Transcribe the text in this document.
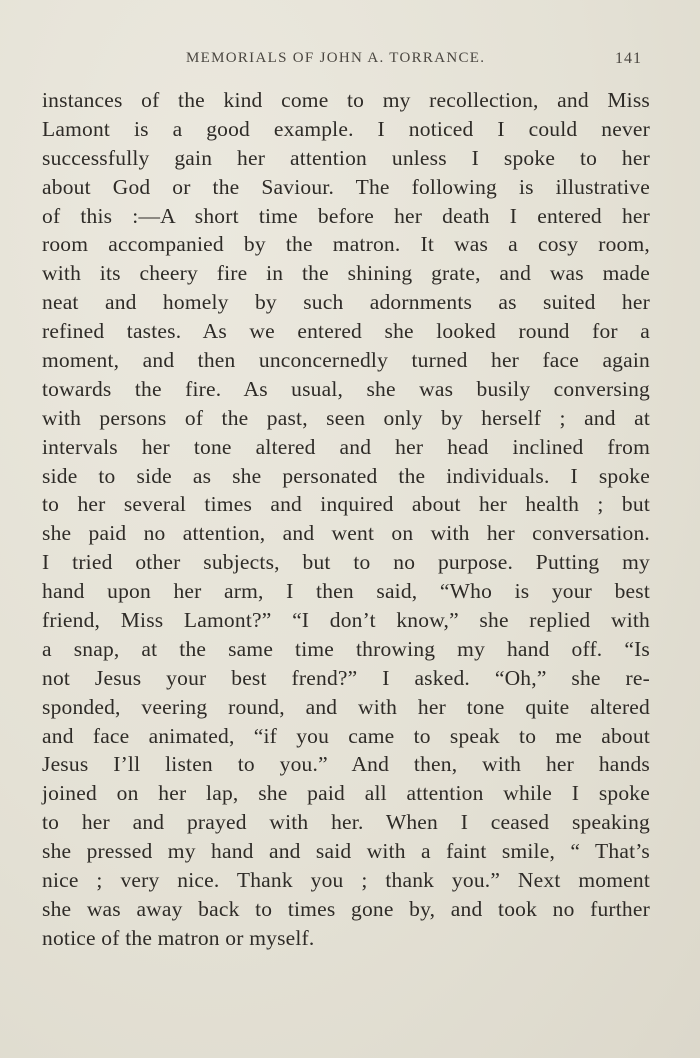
MEMORIALS OF JOHN A. TORRANCE.	141
instances of the kind come to my recollection, and Miss
Lamont is a good example. I noticed I could never
successfully gain her attention unless I spoke to her
about God or the Saviour. The following is illustrative
of this :—A short time before her death I entered her
room accompanied by the matron. It was a cosy room,
with its cheery fire in the shining grate, and was made
neat and homely by such adornments as suited her
refined tastes. As we entered she looked round for a
moment, and then unconcernedly turned her face again
towards the fire. As usual, she was busily conversing
with persons of the past, seen only by herself ; and at
intervals her tone altered and her head inclined from
side to side as she personated the individuals. I spoke
to her several times and inquired about her health ; but
she paid no attention, and went on with her conversation.
I tried other subjects, but to no purpose. Putting my
hand upon her arm, I then said, “Who is your best
friend, Miss Lamont?” “I don’t know,” she replied with
a snap, at the same time throwing my hand off. “Is
not Jesus your best frend?” I asked. “Oh,” she re-
sponded, veering round, and with her tone quite altered
and face animated, “if you came to speak to me about
Jesus I’ll listen to you.” And then, with her hands
joined on her lap, she paid all attention while I spoke
to her and prayed with her. When I ceased speaking
she pressed my hand and said with a faint smile, “ That’s
nice ; very nice. Thank you ; thank you.” Next moment
she was away back to times gone by, and took no further
notice of the matron or myself.
